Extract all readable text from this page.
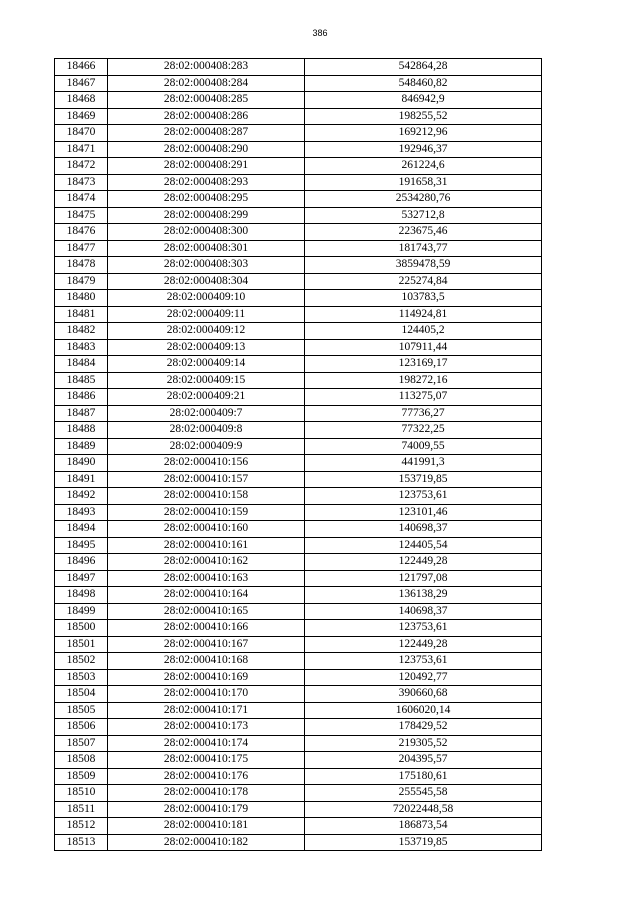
386
18466	28:02:000408:283	542864,28
18467	28:02:000408:284	548460,82
18468	28:02:000408:285	846942,9
18469	28:02:000408:286	198255,52
18470	28:02:000408:287	169212,96
18471	28:02:000408:290	192946,37
18472	28:02:000408:291	261224,6
18473	28:02:000408:293	191658,31
18474	28:02:000408:295	2534280,76
18475	28:02:000408:299	532712,8
18476	28:02:000408:300	223675,46
18477	28:02:000408:301	181743,77
18478	28:02:000408:303	3859478,59
18479	28:02:000408:304	225274,84
18480	28:02:000409:10	103783,5
18481	28:02:000409:11	114924,81
18482	28:02:000409:12	124405,2
18483	28:02:000409:13	107911,44
18484	28:02:000409:14	123169,17
18485	28:02:000409:15	198272,16
18486	28:02:000409:21	113275,07
18487	28:02:000409:7	77736,27
18488	28:02:000409:8	77322,25
18489	28:02:000409:9	74009,55
18490	28:02:000410:156	441991,3
18491	28:02:000410:157	153719,85
18492	28:02:000410:158	123753,61
18493	28:02:000410:159	123101,46
18494	28:02:000410:160	140698,37
18495	28:02:000410:161	124405,54
18496	28:02:000410:162	122449,28
18497	28:02:000410:163	121797,08
18498	28:02:000410:164	136138,29
18499	28:02:000410:165	140698,37
18500	28:02:000410:166	123753,61
18501	28:02:000410:167	122449,28
18502	28:02:000410:168	123753,61
18503	28:02:000410:169	120492,77
18504	28:02:000410:170	390660,68
18505	28:02:000410:171	1606020,14
18506	28:02:000410:173	178429,52
18507	28:02:000410:174	219305,52
18508	28:02:000410:175	204395,57
18509	28:02:000410:176	175180,61
18510	28:02:000410:178	255545,58
18511	28:02:000410:179	72022448,58
18512	28:02:000410:181	186873,54
18513	28:02:000410:182	153719,85
